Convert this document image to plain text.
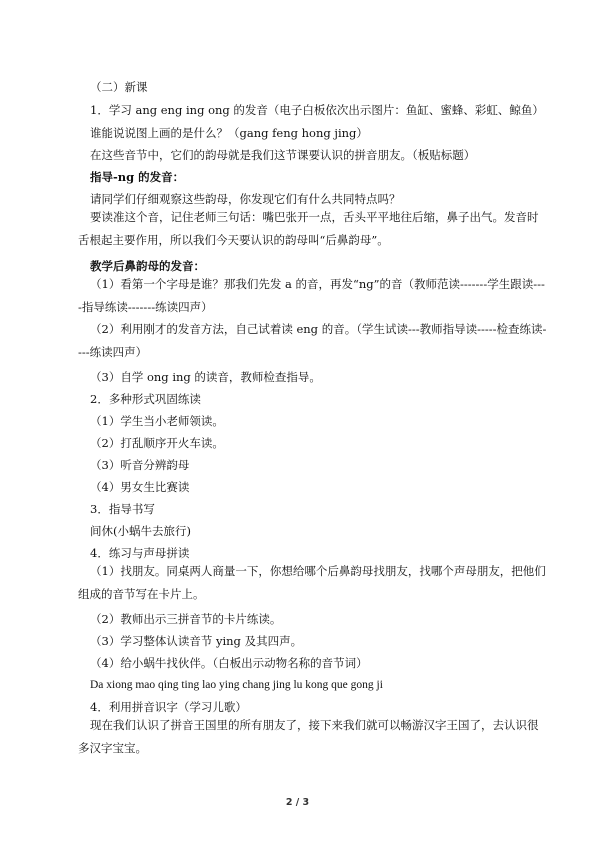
（二）新课
1．学习 ang eng ing ong 的发音（电子白板依次出示图片：鱼缸、蜜蜂、彩虹、鲸鱼）
谁能说说图上画的是什么？（gang feng hong jing）
在这些音节中，它们的韵母就是我们这节课要认识的拼音朋友。（板贴标题）
指导-ng 的发音：
请同学们仔细观察这些韵母，你发现它们有什么共同特点吗？
要读准这个音，记住老师三句话：嘴巴张开一点，舌头平平地往后缩，鼻子出气。发音时舌根起主要作用，所以我们今天要认识的韵母叫“后鼻韵母”。
教学后鼻韵母的发音：
（1）看第一个字母是谁？那我们先发 a 的音，再发“ng”的音（教师范读-------学生跟读----指导练读-------练读四声）
（2）利用刚才的发音方法，自己试着读 eng 的音。（学生试读---教师指导读-----检查练读----练读四声）
（3）自学 ong ing 的读音，教师检查指导。
2．多种形式巩固练读
（1）学生当小老师领读。
（2）打乱顺序开火车读。
（3）听音分辨韵母
（4）男女生比赛读
3．指导书写
间休(小蜗牛去旅行)
4．练习与声母拼读
（1）找朋友。同桌两人商量一下，你想给哪个后鼻韵母找朋友，找哪个声母朋友，把他们组成的音节写在卡片上。
（2）教师出示三拼音节的卡片练读。
（3）学习整体认读音节 ying 及其四声。
（4）给小蜗牛找伙伴。（白板出示动物名称的音节词）
Da xiong mao qing ting lao ying chang jing lu kong que gong ji
4．利用拼音识字（学习儿歌）
现在我们认识了拼音王国里的所有朋友了，接下来我们就可以畅游汉字王国了，去认识很多汉字宝宝。
2 / 3
